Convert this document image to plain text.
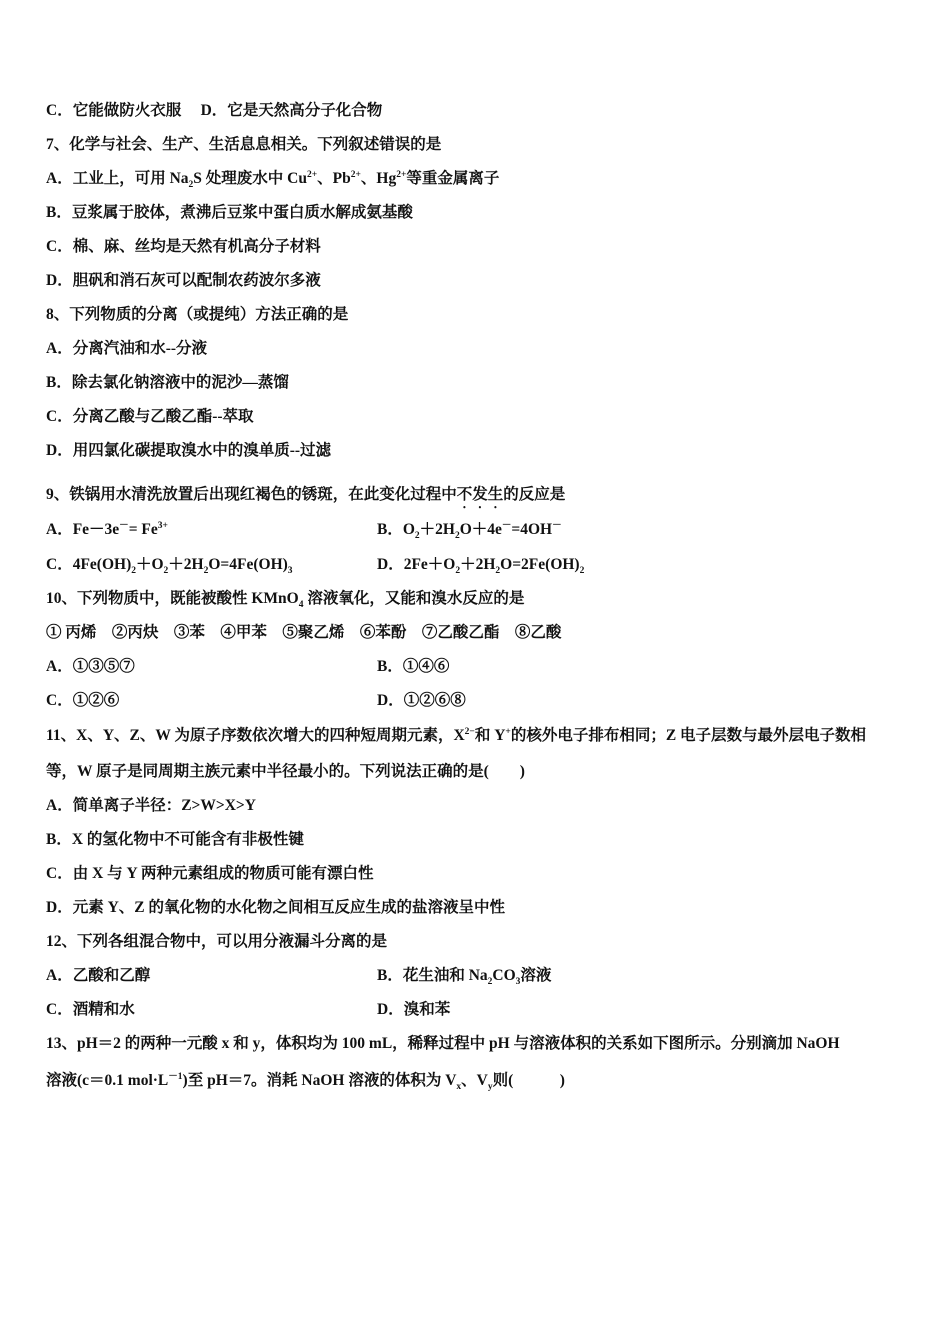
C．它能做防火衣服　 D．它是天然高分子化合物
7、化学与社会、生产、生活息息相关。下列叙述错误的是
A．工业上，可用 $Na_2S$ 处理废水中 $Cu^{2+}$、$Pb^{2+}$、$Hg^{2+}$等重金属离子
B．豆浆属于胶体，煮沸后豆浆中蛋白质水解成氨基酸
C．棉、麻、丝均是天然有机高分子材料
D．胆矾和消石灰可以配制农药波尔多液
8、下列物质的分离（或提纯）方法正确的是
A．分离汽油和水--分液
B．除去氯化钠溶液中的泥沙—蒸馏
C．分离乙酸与乙酸乙酯--萃取
D．用四氯化碳提取溴水中的溴单质--过滤
9、铁锅用水清洗放置后出现红褐色的锈斑，在此变化过程中不发生的反应是
A．$Fe-3e^-= Fe^{3+}$	B．$O_2+2H_2O+4e^-=4OH^-$
C．$4Fe(OH)_2+O_2+2H_2O=4Fe(OH)_3$	D．$2Fe+O_2+2H_2O=2Fe(OH)_2$
10、下列物质中，既能被酸性 KMnO$_4$ 溶液氧化，又能和溴水反应的是
① 丙烯　②丙炔　③苯　④甲苯　⑤聚乙烯　⑥苯酚　⑦乙酸乙酯　⑧乙酸
A．①③⑤⑦	B．①④⑥
C．①②⑥	D．①②⑥⑧
11、X、Y、Z、W 为原子序数依次增大的四种短周期元素，$X^{2-}$和 Y+的核外电子排布相同；Z 电子层数与最外层电子数相
等，W 原子是同周期主族元素中半径最小的。下列说法正确的是(　　)
A．简单离子半径：Z>W>X>Y
B．X 的氢化物中不可能含有非极性键
C．由 X 与 Y 两种元素组成的物质可能有漂白性
D．元素 Y、Z 的氧化物的水化物之间相互反应生成的盐溶液呈中性
12、下列各组混合物中，可以用分液漏斗分离的是
A．乙酸和乙醇	B．花生油和 $Na_2CO_3$溶液
C．酒精和水	D．溴和苯
13、pH＝2 的两种一元酸 x 和 y，体积均为 100 mL，稀释过程中 pH 与溶液体积的关系如下图所示。分别滴加 NaOH
溶液(c＝0.1 $mol\cdot L^{-1}$)至 pH＝7。消耗 NaOH 溶液的体积为 $V_x$、$V_y$则(　　　)
